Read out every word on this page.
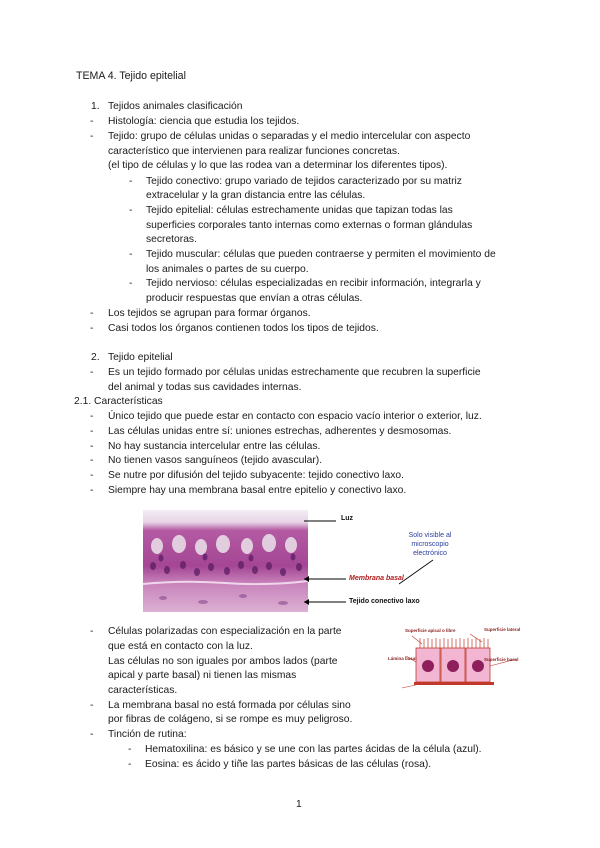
TEMA 4. Tejido epitelial
1. Tejidos animales clasificación
- Histología: ciencia que estudia los tejidos.
- Tejido: grupo de células unidas o separadas y el medio intercelular con aspecto
característico que intervienen para realizar funciones concretas.
(el tipo de células y lo que las rodea van a determinar los diferentes tipos).
- Tejido conectivo: grupo variado de tejidos caracterizado por su matriz
extracelular y la gran distancia entre las células.
- Tejido epitelial: células estrechamente unidas que tapizan todas las
superficies corporales tanto internas como externas o forman glándulas
secretoras.
- Tejido muscular: células que pueden contraerse y permiten el movimiento de
los animales o partes de su cuerpo.
- Tejido nervioso: células especializadas en recibir información, integrarla y
producir respuestas que envían a otras células.
- Los tejidos se agrupan para formar órganos.
- Casi todos los órganos contienen todos los tipos de tejidos.
2. Tejido epitelial
- Es un tejido formado por células unidas estrechamente que recubren la superficie
del animal y todas sus cavidades internas.
2.1. Características
- Único tejido que puede estar en contacto con espacio vacío interior o exterior, luz.
- Las células unidas entre sí: uniones estrechas, adherentes y desmosomas.
- No hay sustancia intercelular entre las células.
- No tienen vasos sanguíneos (tejido avascular).
- Se nutre por difusión del tejido subyacente: tejido conectivo laxo.
- Siempre hay una membrana basal entre epitelio y conectivo laxo.
Luz
Membrana basal
Tejido conectivo laxo
Solo visible al
microscopio
electrónico
- Células polarizadas con especialización en la parte
que está en contacto con la luz.
Las células no son iguales por ambos lados (parte
apical y parte basal) ni tienen las mismas
características.
- La membrana basal no está formada por células sino
por fibras de colágeno, si se rompe es muy peligroso.
- Tinción de rutina:
- Hematoxilina: es básico y se une con las partes ácidas de la célula (azul).
- Eosina: es ácido y tiñe las partes básicas de las células (rosa).
Superficie apical o libre	Superficie lateral
Superficie basal
Lámina basal
1
